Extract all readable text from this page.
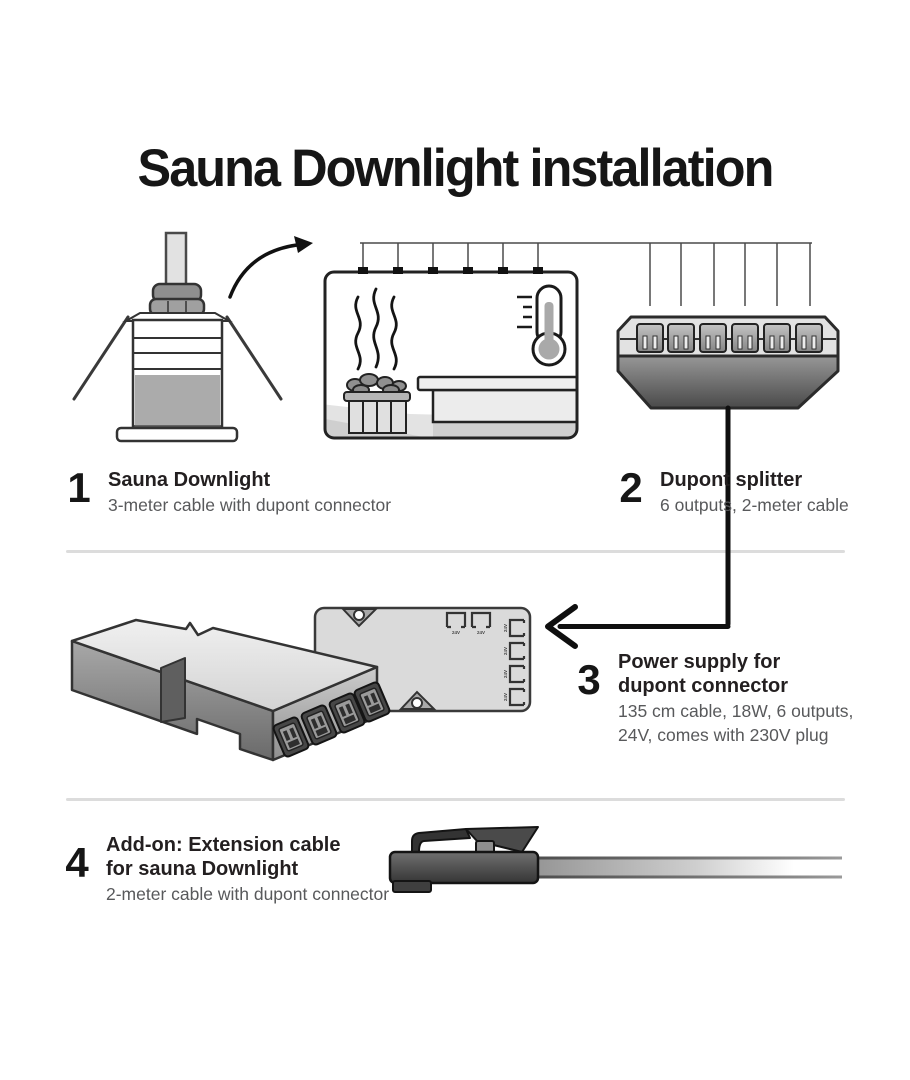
Sauna Downlight installation
24V	24V
24V
24V
24V
24V
1 Sauna Downlight
3-meter cable with dupont connector	2 Dupont splitter
6 outputs, 2-meter cable
3 Power supply for
dupont connector
135 cm cable, 18W, 6 outputs,
24V, comes with 230V plug
4 Add-on: Extension cable
for sauna Downlight
2-meter cable with dupont connector
